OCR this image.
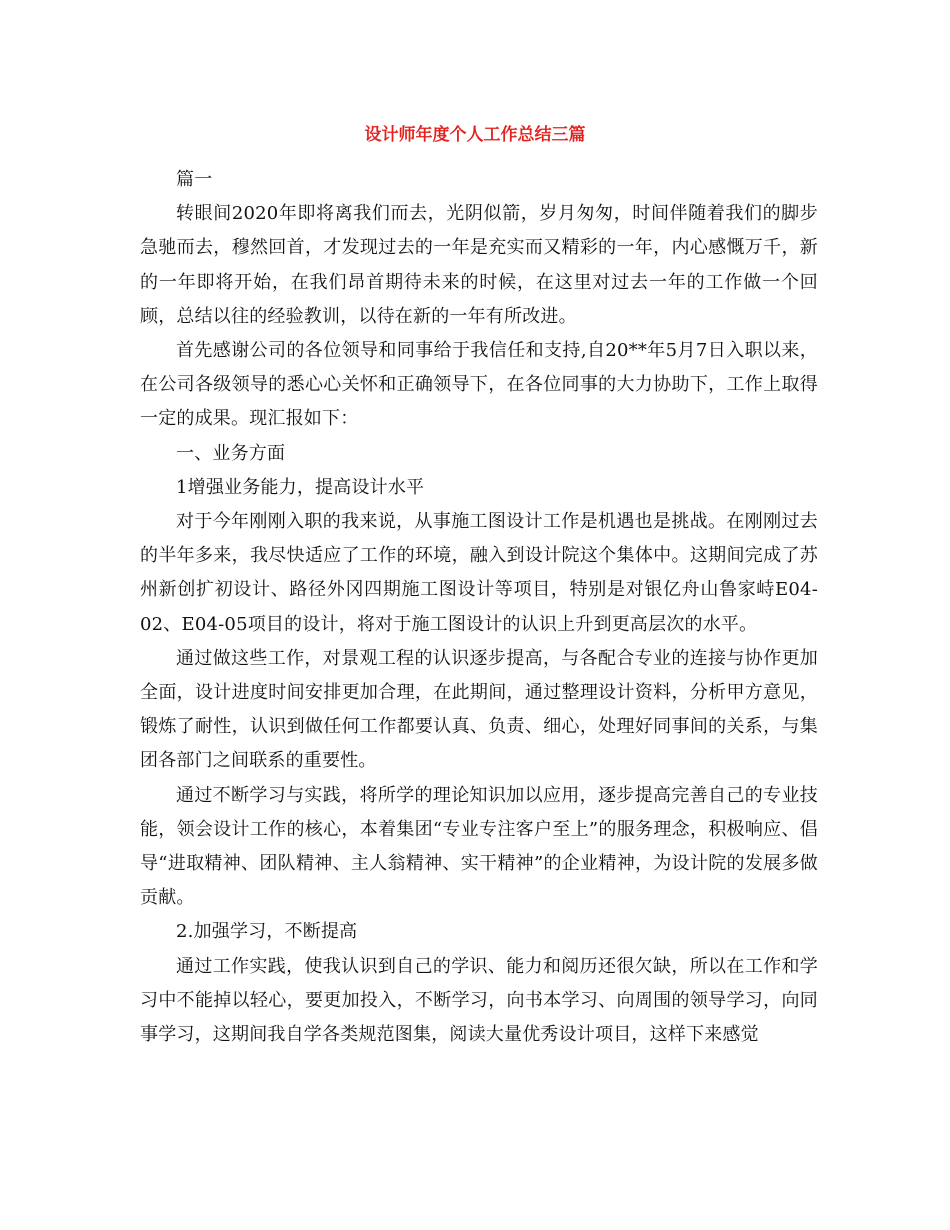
设计师年度个人工作总结三篇

篇一

转眼间2020年即将离我们而去，光阴似箭，岁月匆匆，时间伴随着我们的脚步急驰而去，穆然回首，才发现过去的一年是充实而又精彩的一年，内心感慨万千，新的一年即将开始，在我们昂首期待未来的时候，在这里对过去一年的工作做一个回顾，总结以往的经验教训，以待在新的一年有所改进。

首先感谢公司的各位领导和同事给于我信任和支持,自20**年5月7日入职以来，在公司各级领导的悉心心关怀和正确领导下，在各位同事的大力协助下，工作上取得一定的成果。现汇报如下：

一、业务方面

1增强业务能力，提高设计水平

对于今年刚刚入职的我来说，从事施工图设计工作是机遇也是挑战。在刚刚过去的半年多来，我尽快适应了工作的环境，融入到设计院这个集体中。这期间完成了苏州新创扩初设计、路径外冈四期施工图设计等项目，特别是对银亿舟山鲁家峙E04-02、E04-05项目的设计，将对于施工图设计的认识上升到更高层次的水平。

通过做这些工作，对景观工程的认识逐步提高，与各配合专业的连接与协作更加全面，设计进度时间安排更加合理，在此期间，通过整理设计资料，分析甲方意见，锻炼了耐性，认识到做任何工作都要认真、负责、细心，处理好同事间的关系，与集团各部门之间联系的重要性。

通过不断学习与实践，将所学的理论知识加以应用，逐步提高完善自己的专业技能，领会设计工作的核心，本着集团“专业专注客户至上”的服务理念，积极响应、倡导“进取精神、团队精神、主人翁精神、实干精神”的企业精神，为设计院的发展多做贡献。

2.加强学习，不断提高

通过工作实践，使我认识到自己的学识、能力和阅历还很欠缺，所以在工作和学习中不能掉以轻心，要更加投入，不断学习，向书本学习、向周围的领导学习，向同事学习，这期间我自学各类规范图集，阅读大量优秀设计项目，这样下来感觉
